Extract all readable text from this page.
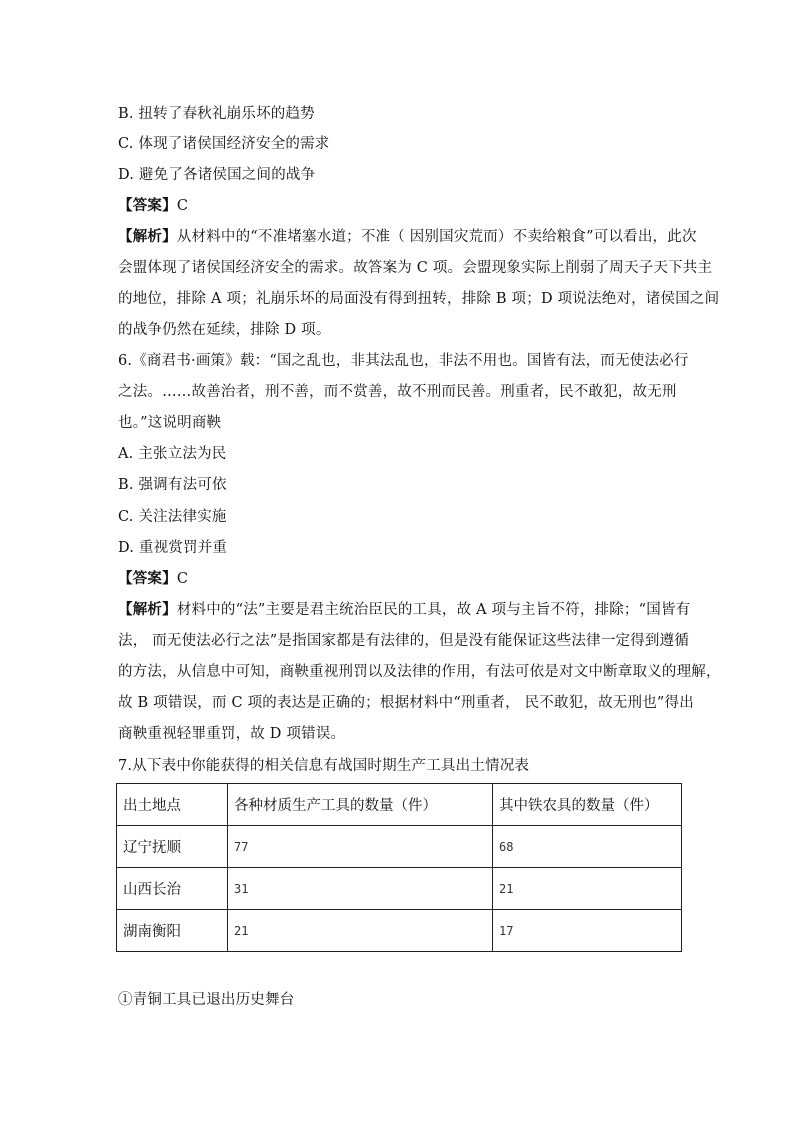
B. 扭转了春秋礼崩乐坏的趋势
C. 体现了诸侯国经济安全的需求
D. 避免了各诸侯国之间的战争
【答案】C
【解析】从材料中的“不准堵塞水道；不准（ 因别国灾荒而）不卖给粮食”可以看出，此次
会盟体现了诸侯国经济安全的需求。故答案为 C 项。会盟现象实际上削弱了周天子天下共主
的地位，排除 A 项；礼崩乐坏的局面没有得到扭转，排除 B 项；D 项说法绝对，诸侯国之间
的战争仍然在延续，排除 D 项。
6.《商君书·画策》载：“国之乱也，非其法乱也，非法不用也。国皆有法，而无使法必行
之法。……故善治者，刑不善，而不赏善，故不刑而民善。刑重者，民不敢犯，故无刑
也。”这说明商鞅
A. 主张立法为民
B. 强调有法可依
C. 关注法律实施
D. 重视赏罚并重
【答案】C
【解析】材料中的“法”主要是君主统治臣民的工具，故 A 项与主旨不符，排除；“国皆有
法， 而无使法必行之法”是指国家都是有法律的，但是没有能保证这些法律一定得到遵循
的方法，从信息中可知，商鞅重视刑罚以及法律的作用，有法可依是对文中断章取义的理解，
故 B 项错误，而 C 项的表达是正确的；根据材料中“刑重者， 民不敢犯，故无刑也”得出
商鞅重视轻罪重罚，故 D 项错误。
7.从下表中你能获得的相关信息有战国时期生产工具出土情况表
出土地点	各种材质生产工具的数量（件）	其中铁农具的数量（件）
辽宁抚顺	77	68
山西长治	31	21
湖南衡阳	21	17
①青铜工具已退出历史舞台
